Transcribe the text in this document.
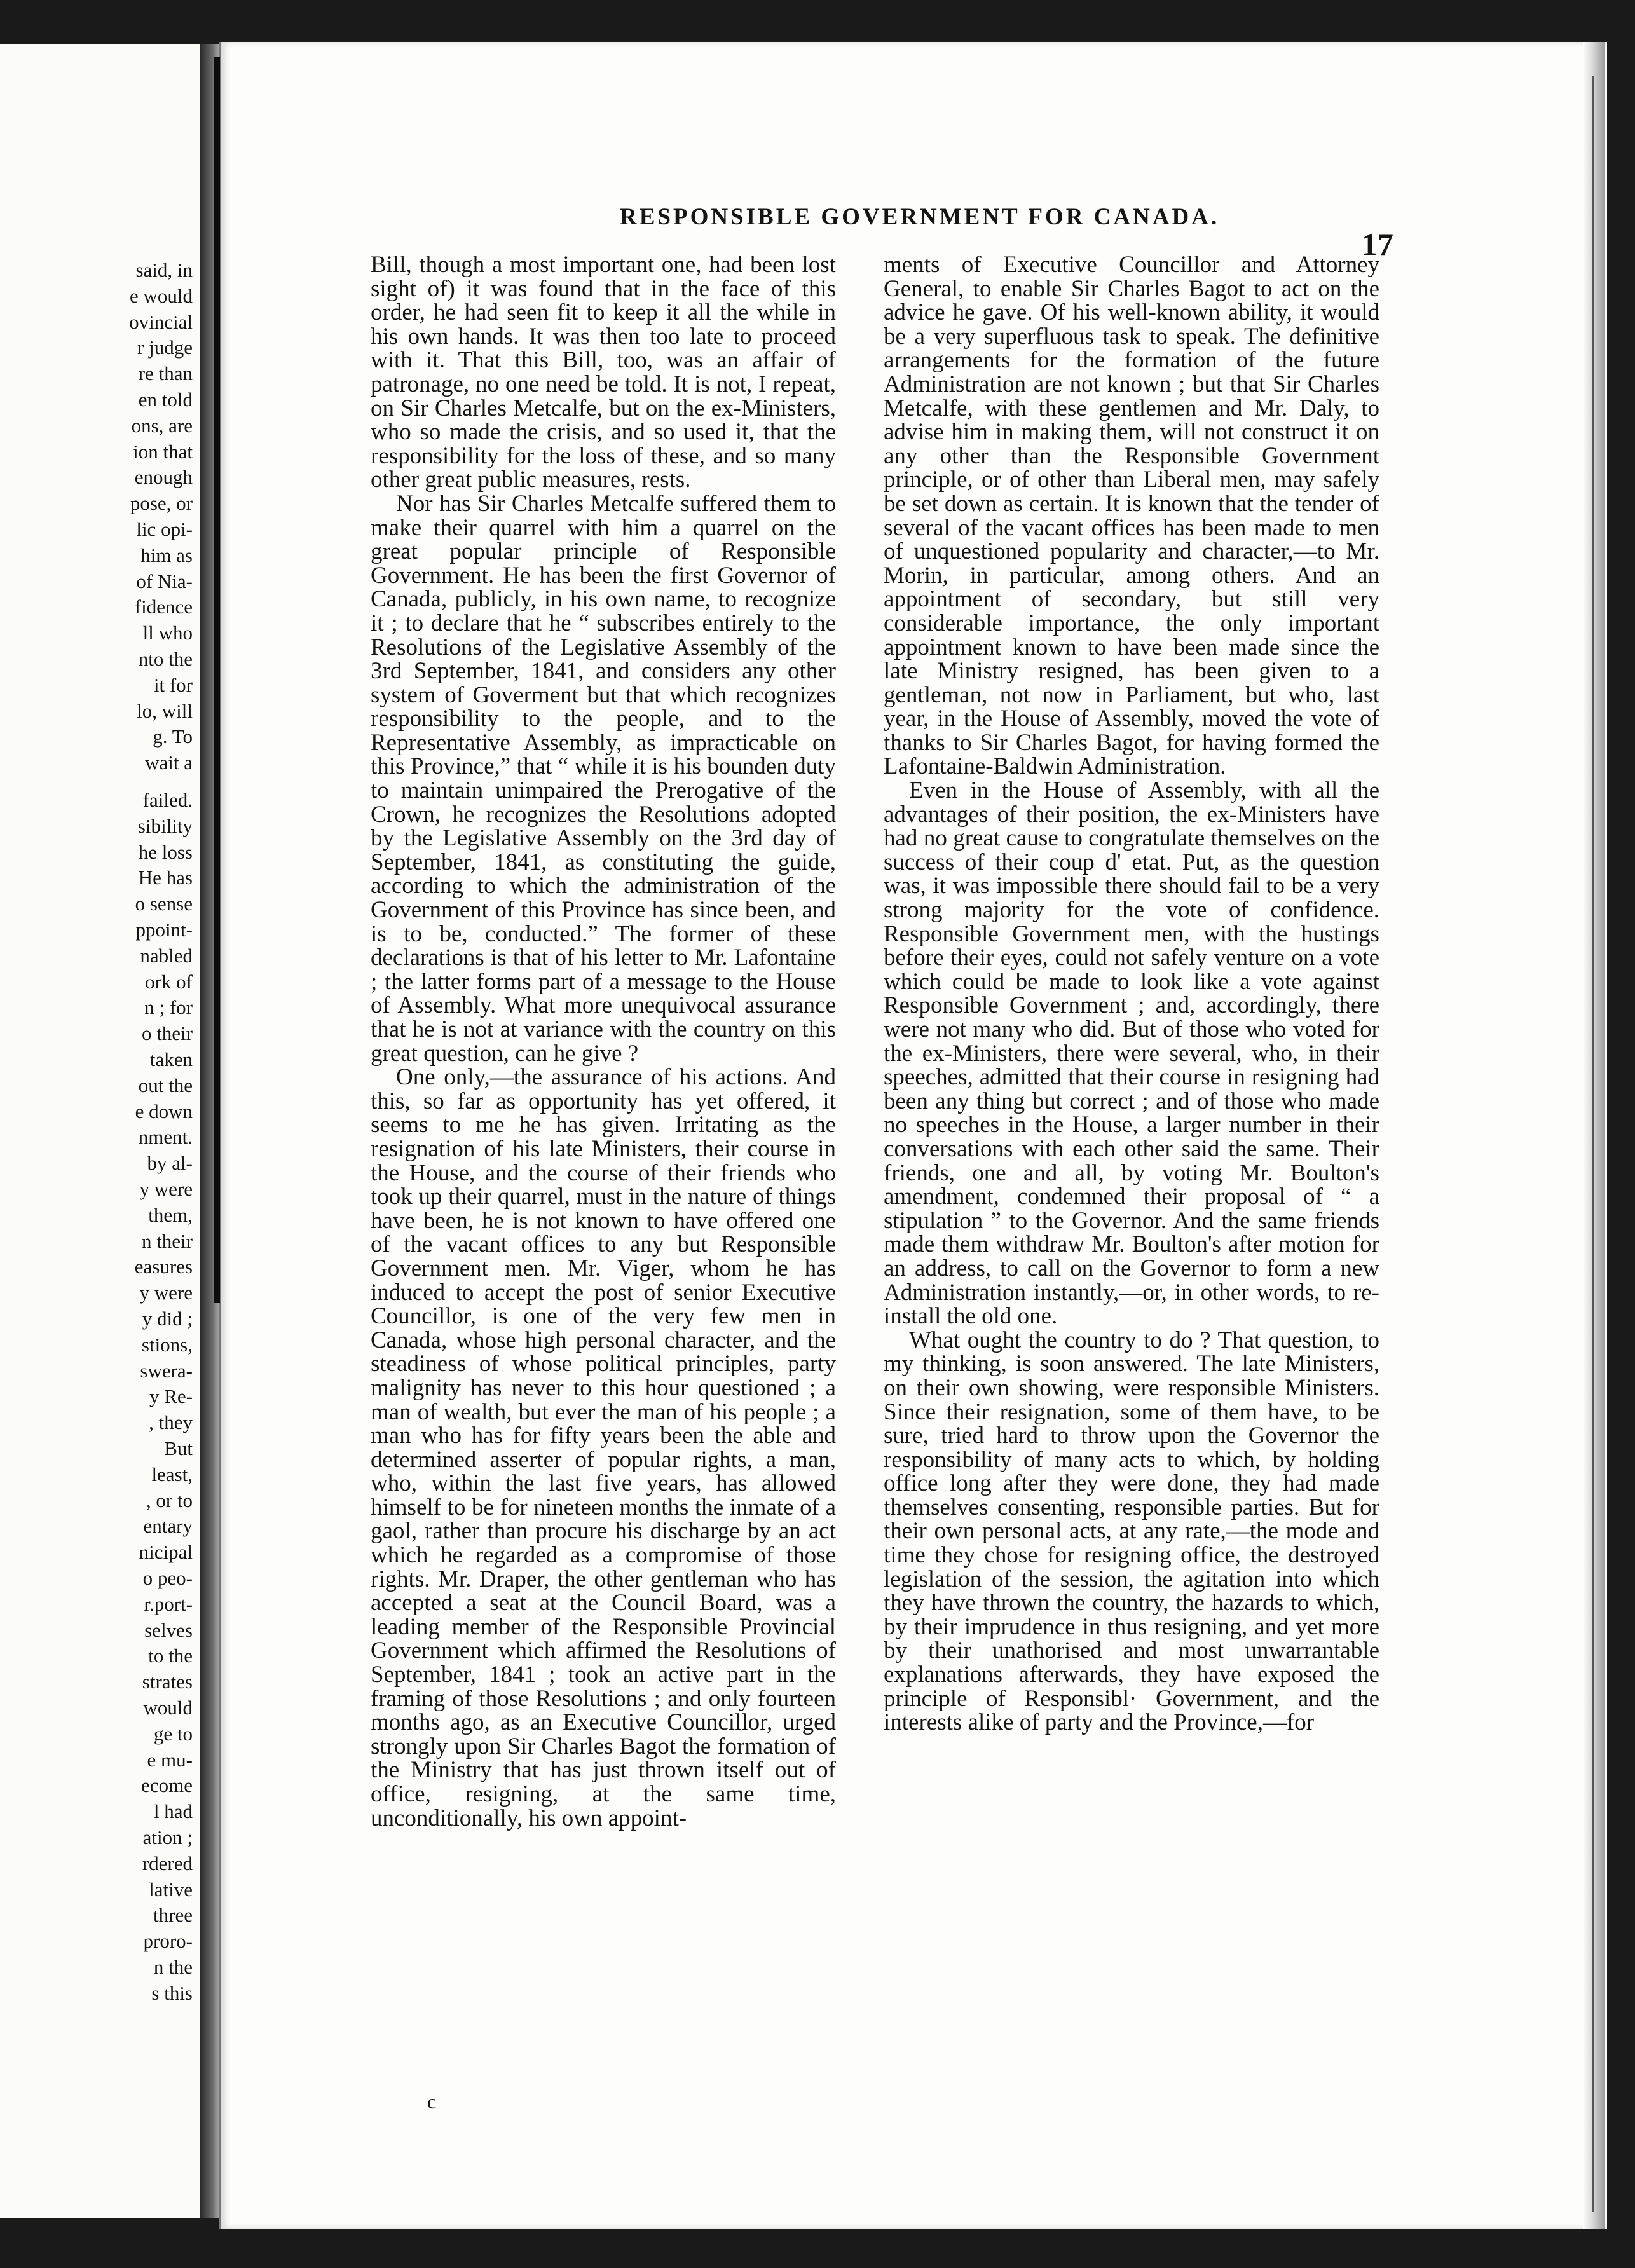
said, in
e would
ovincial
r judge
re than
en told
ons, are
ion that
enough
pose, or
lic opi-
him as
of Nia-
fidence
ll who
nto the
it for
lo, will
g. To
wait a
failed.
sibility
he loss
He has
o sense
ppoint-
nabled
ork of
n ; for
o their
taken
out the
e down
nment.
by al-
y were
them,
n their
easures
y were
y did ;
stions,
swera-
y Re-
, they
But
least,
, or to
entary
nicipal
o peo-
r.port-
selves
to the
strates
would
ge to
e mu-
ecome
l had
ation ;
rdered
lative
three
proro-
n the
s this
RESPONSIBLE GOVERNMENT FOR CANADA.
17

Bill, though a most important one, had been lost sight of) it was found that in the face of this order, he had seen fit to keep it all the while in his own hands. It was then too late to proceed with it. That this Bill, too, was an affair of patronage, no one need be told. It is not, I repeat, on Sir Charles Metcalfe, but on the ex-Ministers, who so made the crisis, and so used it, that the responsibility for the loss of these, and so many other great public measures, rests.

Nor has Sir Charles Metcalfe suffered them to make their quarrel with him a quarrel on the great popular principle of Responsible Government. He has been the first Governor of Canada, publicly, in his own name, to recognize it ; to declare that he “ subscribes entirely to the Resolutions of the Legislative Assembly of the 3rd September, 1841, and considers any other system of Goverment but that which recognizes responsibility to the people, and to the Representative Assembly, as impracticable on this Province,” that “ while it is his bounden duty to maintain unimpaired the Prerogative of the Crown, he recognizes the Resolutions adopted by the Legislative Assembly on the 3rd day of September, 1841, as constituting the guide, according to which the administration of the Government of this Province has since been, and is to be, conducted.” The former of these declarations is that of his letter to Mr. Lafontaine ; the latter forms part of a message to the House of Assembly. What more unequivocal assurance that he is not at variance with the country on this great question, can he give ?

One only,—the assurance of his actions. And this, so far as opportunity has yet offered, it seems to me he has given. Irritating as the resignation of his late Ministers, their course in the House, and the course of their friends who took up their quarrel, must in the nature of things have been, he is not known to have offered one of the vacant offices to any but Responsible Government men. Mr. Viger, whom he has induced to accept the post of senior Executive Councillor, is one of the very few men in Canada, whose high personal character, and the steadiness of whose political principles, party malignity has never to this hour questioned ; a man of wealth, but ever the man of his people ; a man who has for fifty years been the able and determined asserter of popular rights, a man, who, within the last five years, has allowed himself to be for nineteen months the inmate of a gaol, rather than procure his discharge by an act which he regarded as a compromise of those rights. Mr. Draper, the other gentleman who has accepted a seat at the Council Board, was a leading member of the Responsible Provincial Government which affirmed the Resolutions of September, 1841 ; took an active part in the framing of those Resolutions ; and only fourteen months ago, as an Executive Councillor, urged strongly upon Sir Charles Bagot the formation of the Ministry that has just thrown itself out of office, resigning, at the same time, unconditionally, his own appoint-

ments of Executive Councillor and Attorney General, to enable Sir Charles Bagot to act on the advice he gave. Of his well-known ability, it would be a very superfluous task to speak. The definitive arrangements for the formation of the future Administration are not known ; but that Sir Charles Metcalfe, with these gentlemen and Mr. Daly, to advise him in making them, will not construct it on any other than the Responsible Government principle, or of other than Liberal men, may safely be set down as certain. It is known that the tender of several of the vacant offices has been made to men of unquestioned popularity and character,—to Mr. Morin, in particular, among others. And an appointment of secondary, but still very considerable importance, the only important appointment known to have been made since the late Ministry resigned, has been given to a gentleman, not now in Parliament, but who, last year, in the House of Assembly, moved the vote of thanks to Sir Charles Bagot, for having formed the Lafontaine-Baldwin Administration.

Even in the House of Assembly, with all the advantages of their position, the ex-Ministers have had no great cause to congratulate themselves on the success of their coup d' etat. Put, as the question was, it was impossible there should fail to be a very strong majority for the vote of confidence. Responsible Government men, with the hustings before their eyes, could not safely venture on a vote which could be made to look like a vote against Responsible Government ; and, accordingly, there were not many who did. But of those who voted for the ex-Ministers, there were several, who, in their speeches, admitted that their course in resigning had been any thing but correct ; and of those who made no speeches in the House, a larger number in their conversations with each other said the same. Their friends, one and all, by voting Mr. Boulton's amendment, condemned their proposal of “ a stipulation ” to the Governor. And the same friends made them withdraw Mr. Boulton's after motion for an address, to call on the Governor to form a new Administration instantly,—or, in other words, to re-install the old one.

What ought the country to do ? That question, to my thinking, is soon answered. The late Ministers, on their own showing, were responsible Ministers. Since their resignation, some of them have, to be sure, tried hard to throw upon the Governor the responsibility of many acts to which, by holding office long after they were done, they had made themselves consenting, responsible parties. But for their own personal acts, at any rate,—the mode and time they chose for resigning office, the destroyed legislation of the session, the agitation into which they have thrown the country, the hazards to which, by their imprudence in thus resigning, and yet more by their unathorised and most unwarrantable explanations afterwards, they have exposed the principle of Responsibl· Government, and the interests alike of party and the Province,—for

c
